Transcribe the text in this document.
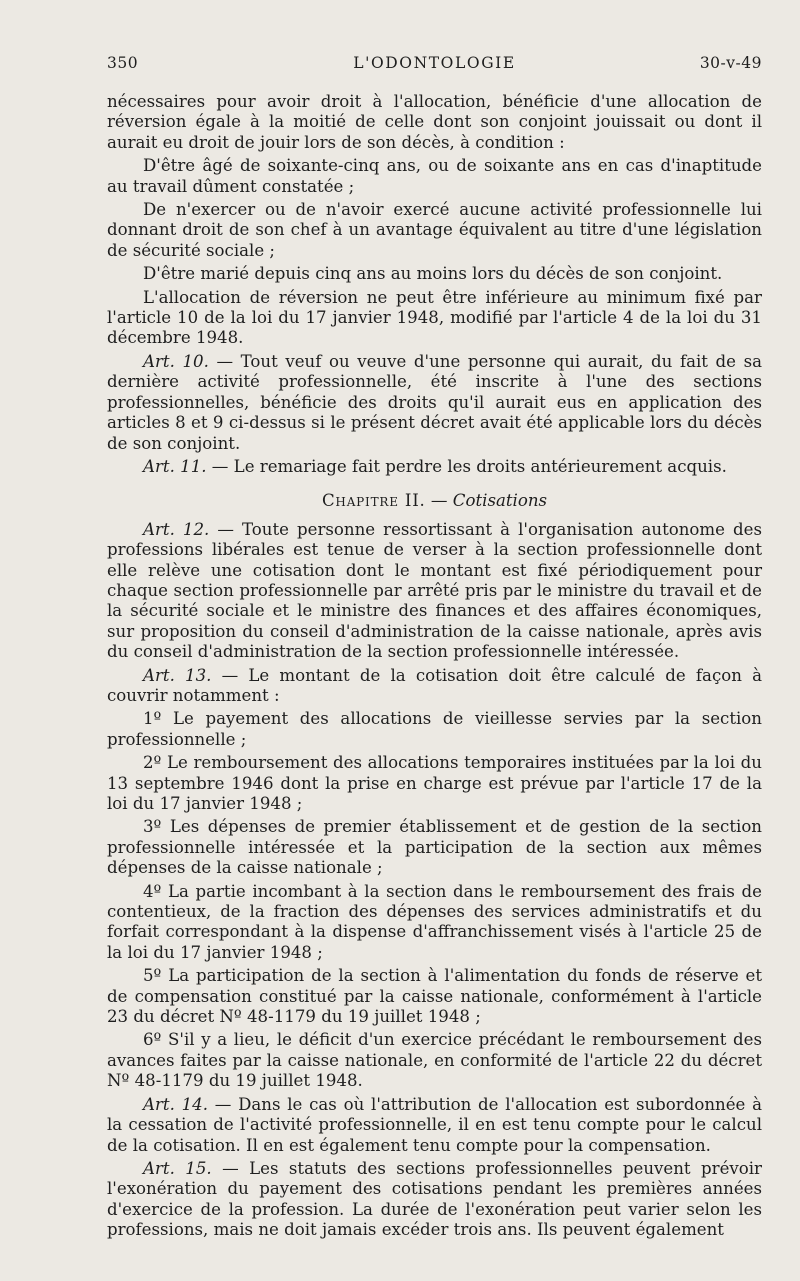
350	L'ODONTOLOGIE	30-v-49

nécessaires pour avoir droit à l'allocation, bénéficie d'une allocation de réversion égale à la moitié de celle dont son conjoint jouissait ou dont il aurait eu droit de jouir lors de son décès, à condition :

D'être âgé de soixante-cinq ans, ou de soixante ans en cas d'inaptitude au travail dûment constatée ;

De n'exercer ou de n'avoir exercé aucune activité professionnelle lui donnant droit de son chef à un avantage équivalent au titre d'une législation de sécurité sociale ;

D'être marié depuis cinq ans au moins lors du décès de son conjoint.

L'allocation de réversion ne peut être inférieure au minimum fixé par l'article 10 de la loi du 17 janvier 1948, modifié par l'article 4 de la loi du 31 décembre 1948.

Art. 10. — Tout veuf ou veuve d'une personne qui aurait, du fait de sa dernière activité professionnelle, été inscrite à l'une des sections professionnelles, bénéficie des droits qu'il aurait eus en application des articles 8 et 9 ci-dessus si le présent décret avait été applicable lors du décès de son conjoint.

Art. 11. — Le remariage fait perdre les droits antérieurement acquis.

Chapitre II. — Cotisations

Art. 12. — Toute personne ressortissant à l'organisation autonome des professions libérales est tenue de verser à la section professionnelle dont elle relève une cotisation dont le montant est fixé périodiquement pour chaque section professionnelle par arrêté pris par le ministre du travail et de la sécurité sociale et le ministre des finances et des affaires économiques, sur proposition du conseil d'administration de la caisse nationale, après avis du conseil d'administration de la section professionnelle intéressée.

Art. 13. — Le montant de la cotisation doit être calculé de façon à couvrir notamment :

1º Le payement des allocations de vieillesse servies par la section professionnelle ;

2º Le remboursement des allocations temporaires instituées par la loi du 13 septembre 1946 dont la prise en charge est prévue par l'article 17 de la loi du 17 janvier 1948 ;

3º Les dépenses de premier établissement et de gestion de la section professionnelle intéressée et la participation de la section aux mêmes dépenses de la caisse nationale ;

4º La partie incombant à la section dans le remboursement des frais de contentieux, de la fraction des dépenses des services administratifs et du forfait correspondant à la dispense d'affranchissement visés à l'article 25 de la loi du 17 janvier 1948 ;

5º La participation de la section à l'alimentation du fonds de réserve et de compensation constitué par la caisse nationale, conformément à l'article 23 du décret Nº 48-1179 du 19 juillet 1948 ;

6º S'il y a lieu, le déficit d'un exercice précédant le remboursement des avances faites par la caisse nationale, en conformité de l'article 22 du décret Nº 48-1179 du 19 juillet 1948.

Art. 14. — Dans le cas où l'attribution de l'allocation est subordonnée à la cessation de l'activité professionnelle, il en est tenu compte pour le calcul de la cotisation. Il en est également tenu compte pour la compensation.

Art. 15. — Les statuts des sections professionnelles peuvent prévoir l'exonération du payement des cotisations pendant les premières années d'exercice de la profession. La durée de l'exonération peut varier selon les professions, mais ne doit jamais excéder trois ans. Ils peuvent également
